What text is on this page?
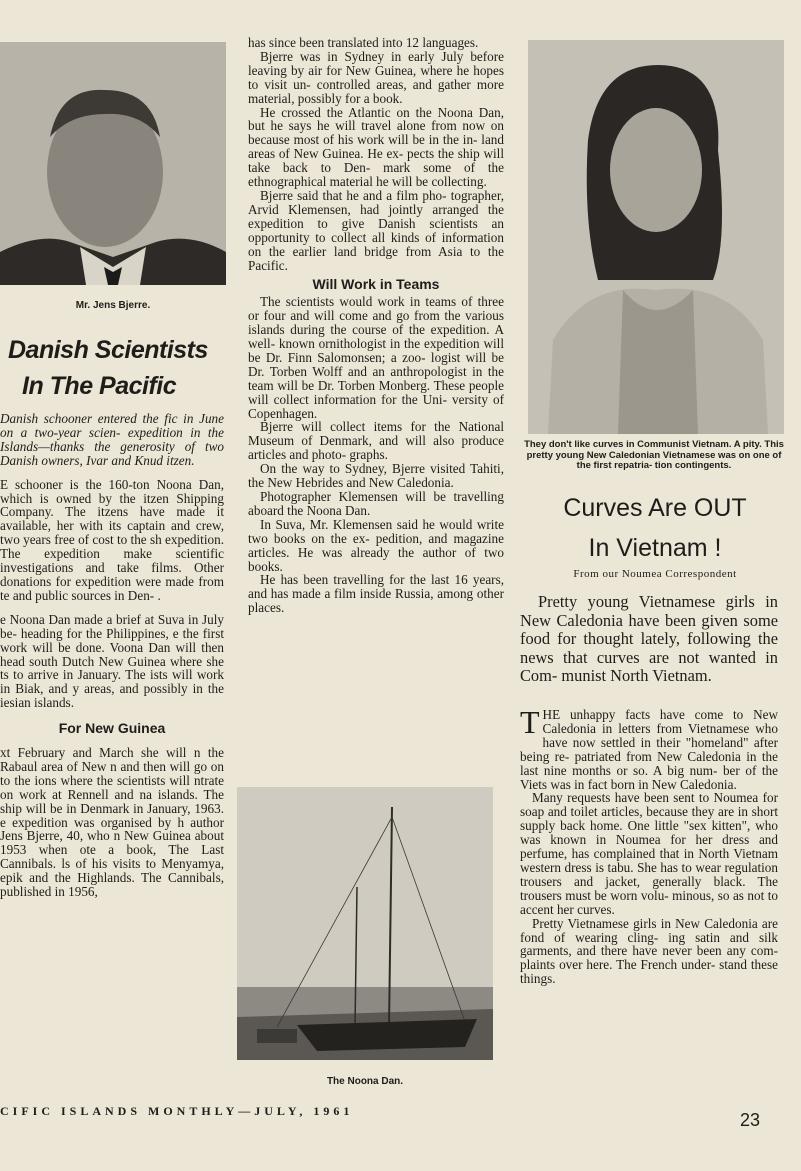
Mr. Jens Bjerre.
Danish Scientists
In The Pacific

Danish schooner entered the fic in June on a two-year scien- expedition in the Islands—thanks the generosity of two Danish owners, Ivar and Knud itzen.

E schooner is the 160-ton Noona Dan, which is owned by the itzen Shipping Company. The itzens have made it available, her with its captain and crew, two years free of cost to the sh expedition. The expedition make scientific investigations and take films. Other donations for expedition were made from te and public sources in Den- .

e Noona Dan made a brief at Suva in July be- heading for the Philippines, e the first work will be done. Voona Dan will then head south Dutch New Guinea where she ts to arrive in January. The ists will work in Biak, and y areas, and possibly in the iesian islands.

For New Guinea

xt February and March she will n the Rabaul area of New n and then will go on to the ions where the scientists will ntrate on work at Rennell and na islands. The ship will be in Denmark in January, 1963. e expedition was organised by h author Jens Bjerre, 40, who n New Guinea about 1953 when ote a book, The Last Cannibals. ls of his visits to Menyamya, epik and the Highlands. The Cannibals, published in 1956,

has since been translated into 12 languages.

Bjerre was in Sydney in early July before leaving by air for New Guinea, where he hopes to visit un- controlled areas, and gather more material, possibly for a book.

He crossed the Atlantic on the Noona Dan, but he says he will travel alone from now on because most of his work will be in the in- land areas of New Guinea. He ex- pects the ship will take back to Den- mark some of the ethnographical material he will be collecting.

Bjerre said that he and a film pho- tographer, Arvid Klemensen, had jointly arranged the expedition to give Danish scientists an opportunity to collect all kinds of information on the earlier land bridge from Asia to the Pacific.

Will Work in Teams

The scientists would work in teams of three or four and will come and go from the various islands during the course of the expedition. A well- known ornithologist in the expedition will be Dr. Finn Salomonsen; a zoo- logist will be Dr. Torben Wolff and an anthropologist in the team will be Dr. Torben Monberg. These people will collect information for the Uni- versity of Copenhagen.

Bjerre will collect items for the National Museum of Denmark, and will also produce articles and photo- graphs.

On the way to Sydney, Bjerre visited Tahiti, the New Hebrides and New Caledonia.

Photographer Klemensen will be travelling aboard the Noona Dan.

In Suva, Mr. Klemensen said he would write two books on the ex- pedition, and magazine articles. He was already the author of two books.

He has been travelling for the last 16 years, and has made a film inside Russia, among other places.

The Noona Dan.
They don't like curves in Communist Vietnam. A pity. This pretty young New Caledonian Vietnamese was on one of the first repatria- tion contingents.
Curves Are OUT
In Vietnam !
From our Noumea Correspondent
Pretty young Vietnamese girls in New Caledonia have been given some food for thought lately, following the news that curves are not wanted in Com- munist North Vietnam.

THE unhappy facts have come to New Caledonia in letters from Vietnamese who have now settled in their "homeland" after being re- patriated from New Caledonia in the last nine months or so. A big num- ber of the Viets was in fact born in New Caledonia.

Many requests have been sent to Noumea for soap and toilet articles, because they are in short supply back home. One little "sex kitten", who was known in Noumea for her dress and perfume, has complained that in North Vietnam western dress is tabu. She has to wear regulation trousers and jacket, generally black. The trousers must be worn volu- minous, so as not to accent her curves.

Pretty Vietnamese girls in New Caledonia are fond of wearing cling- ing satin and silk garments, and there have never been any com- plaints over here. The French under- stand these things.

CIFIC ISLANDS MONTHLY—JULY, 1961	23
